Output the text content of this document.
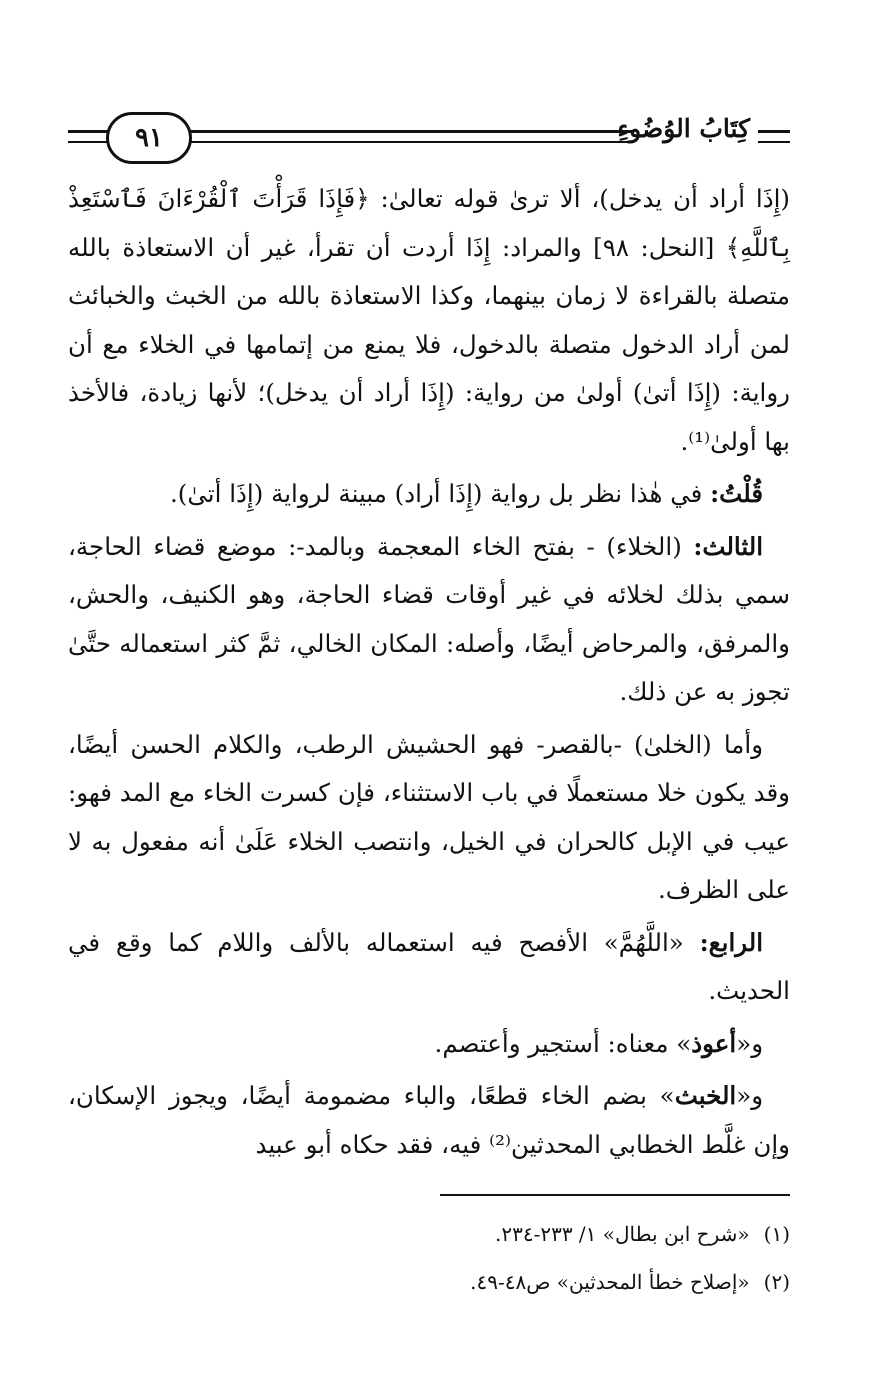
٩١	كِتَابُ الوُضُوءِ

(إِذَا أراد أن يدخل)، ألا ترىٰ قوله تعالىٰ: ﴿فَإِذَا قَرَأْتَ ٱلْقُرْءَانَ فَٱسْتَعِذْ بِٱللَّهِ﴾ [النحل: ٩٨] والمراد: إِذَا أردت أن تقرأ، غير أن الاستعاذة بالله متصلة بالقراءة لا زمان بينهما، وكذا الاستعاذة بالله من الخبث والخبائث لمن أراد الدخول متصلة بالدخول، فلا يمنع من إتمامها في الخلاء مع أن رواية: (إِذَا أتىٰ) أولىٰ من رواية: (إِذَا أراد أن يدخل)؛ لأنها زيادة، فالأخذ بها أولىٰ⁽¹⁾.

قُلْتُ: في هٰذا نظر بل رواية (إِذَا أراد) مبينة لرواية (إِذَا أتىٰ).

الثالث: (الخلاء) - بفتح الخاء المعجمة وبالمد-: موضع قضاء الحاجة، سمي بذلك لخلائه في غير أوقات قضاء الحاجة، وهو الكنيف، والحش، والمرفق، والمرحاض أيضًا، وأصله: المكان الخالي، ثمَّ كثر استعماله حتَّىٰ تجوز به عن ذلك.

وأما (الخلىٰ) -بالقصر- فهو الحشيش الرطب، والكلام الحسن أيضًا، وقد يكون خلا مستعملًا في باب الاستثناء، فإن كسرت الخاء مع المد فهو: عيب في الإبل كالحران في الخيل، وانتصب الخلاء عَلَىٰ أنه مفعول به لا على الظرف.

الرابع: «اللَّهُمَّ» الأفصح فيه استعماله بالألف واللام كما وقع في الحديث.

و«أعوذ» معناه: أستجير وأعتصم.

و«الخبث» بضم الخاء قطعًا، والباء مضمومة أيضًا، ويجوز الإسكان، وإن غلَّط الخطابي المحدثين⁽²⁾ فيه، فقد حكاه أبو عبيد

(١)«شرح ابن بطال» ١/ ٢٣٣-٢٣٤.
(٢)«إصلاح خطأ المحدثين» ص٤٨-٤٩.
